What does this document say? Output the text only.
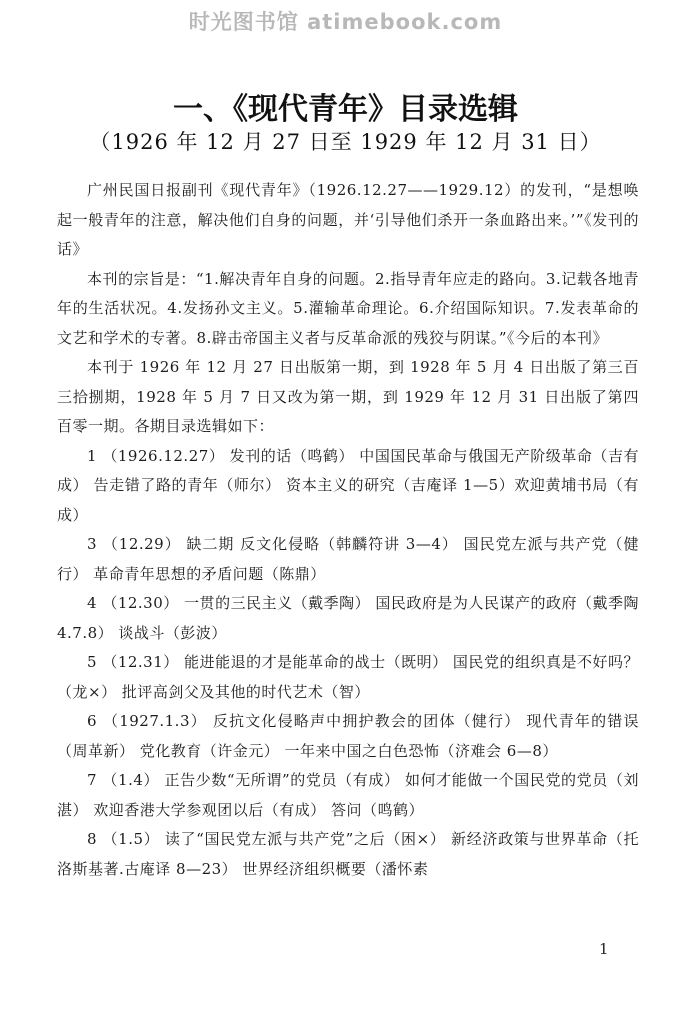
时光图书馆 atimebook.com
一、《现代青年》目录选辑
（1926 年 12 月 27 日至 1929 年 12 月 31 日）

广州民国日报副刊《现代青年》（1926.12.27——1929.12）的发刊，“是想唤起一般青年的注意，解决他们自身的问题，并‘引导他们杀开一条血路出来。’”《发刊的话》

本刊的宗旨是：“1.解决青年自身的问题。2.指导青年应走的路向。3.记载各地青年的生活状况。4.发扬孙文主义。5.灌输革命理论。6.介绍国际知识。7.发表革命的文艺和学术的专著。8.辟击帝国主义者与反革命派的残狡与阴谋。”《今后的本刊》

本刊于 1926 年 12 月 27 日出版第一期，到 1928 年 5 月 4 日出版了第三百三拾捌期，1928 年 5 月 7 日又改为第一期，到 1929 年 12 月 31 日出版了第四百零一期。各期目录选辑如下：

1 （1926.12.27） 发刊的话（鸣鹤） 中国国民革命与俄国无产阶级革命（吉有成） 告走错了路的青年（师尔） 资本主义的研究（吉庵译 1—5）欢迎黄埔书局（有成）

3 （12.29） 缺二期 反文化侵略（韩麟符讲 3—4） 国民党左派与共产党（健行） 革命青年思想的矛盾问题（陈鼎）

4 （12.30） 一贯的三民主义（戴季陶） 国民政府是为人民谋产的政府（戴季陶 4.7.8） 谈战斗（彭波）

5 （12.31） 能进能退的才是能革命的战士（既明） 国民党的组织真是不好吗？（龙×） 批评高剑父及其他的时代艺术（智）

6 （1927.1.3） 反抗文化侵略声中拥护教会的团体（健行） 现代青年的错误（周革新） 党化教育（许金元） 一年来中国之白色恐怖（济难会 6—8）

7 （1.4） 正告少数“无所谓”的党员（有成） 如何才能做一个国民党的党员（刘湛） 欢迎香港大学参观团以后（有成） 答问（鸣鹤）

8 （1.5） 读了“国民党左派与共产党”之后（困×） 新经济政策与世界革命（托洛斯基著.古庵译 8—23） 世界经济组织概要（潘怀素

1
